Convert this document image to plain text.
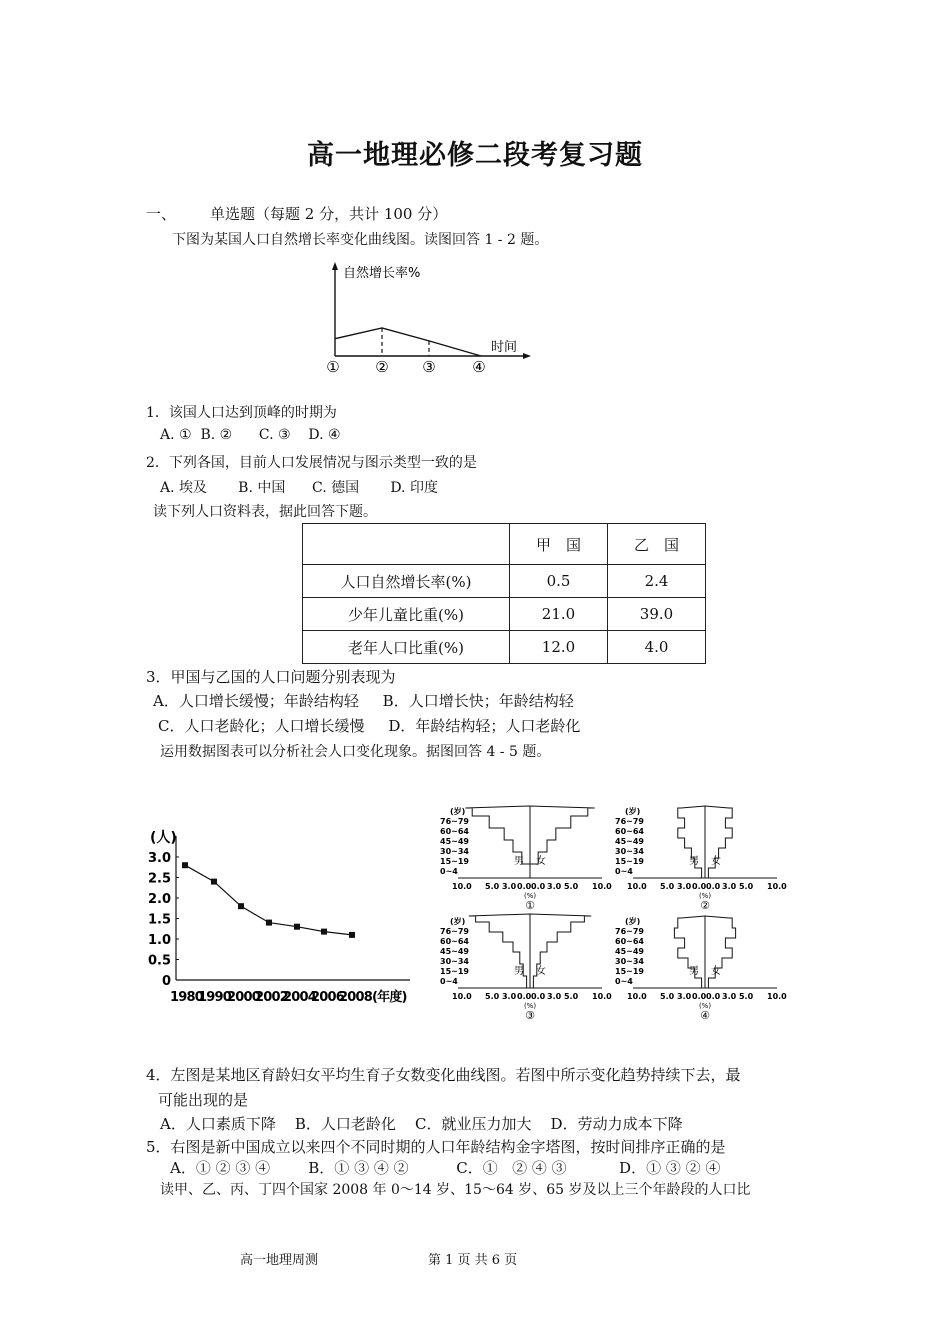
高一地理必修二段考复习题
一、 单选题（每题 2 分，共计 100 分）
下图为某国人口自然增长率变化曲线图。读图回答 1 - 2 题。
自然增长率%
时间
① ② ③ ④
1．该国人口达到顶峰的时期为
A. ①  B. ②      C. ③    D. ④
2．下列各国，目前人口发展情况与图示类型一致的是
A. 埃及       B. 中国      C. 德国       D. 印度
读下列人口资料表，据此回答下题。
	甲　国	乙　国
人口自然增长率(%)	0.5	2.4
少年儿童比重(%)	21.0	39.0
老年人口比重(%)	12.0	4.0
3．甲国与乙国的人口问题分别表现为
A．人口增长缓慢；年龄结构轻     B．人口增长快；年龄结构轻
C．人口老龄化；人口增长缓慢     D．年龄结构轻；人口老龄化
运用数据图表可以分析社会人口变化现象。据图回答 4 - 5 题。
(人)
3.0
2.5
2.0
1.5
1.0
0.5
0
1980
1990
2000
2002
2004
2006
2008(年度)
(岁)
76~79
60~64
45~49
30~34
15~19
0~4
男 女
10.0 5.0 3.0 0.0 0.0 3.0 5.0 10.0
(%)
①
(岁)
76~79
60~64
45~49
30~34
15~19
0~4
男 女
10.0 5.0 3.0 0.0 0.0 3.0 5.0 10.0
(%)
②
(岁)
76~79
60~64
45~49
30~34
15~19
0~4
男 女
10.0 5.0 3.0 0.0 0.0 3.0 5.0 10.0
(%)
③
(岁)
76~79
60~64
45~49
30~34
15~19
0~4
男 女
10.0 5.0 3.0 0.0 0.0 3.0 5.0 10.0
(%)
④
4．左图是某地区育龄妇女平均生育子女数变化曲线图。若图中所示变化趋势持续下去，最
可能出现的是
A．人口素质下降    B．人口老龄化    C．就业压力加大    D．劳动力成本下降
5．右图是新中国成立以来四个不同时期的人口年龄结构金字塔图，按时间排序正确的是
A．① ② ③ ④        B．① ③ ④ ②          C．①   ② ④ ③           D．① ③ ② ④
读甲、乙、丙、丁四个国家 2008 年 0～14 岁、15～64 岁、65 岁及以上三个年龄段的人口比
高一地理周测	第 1 页 共 6 页
